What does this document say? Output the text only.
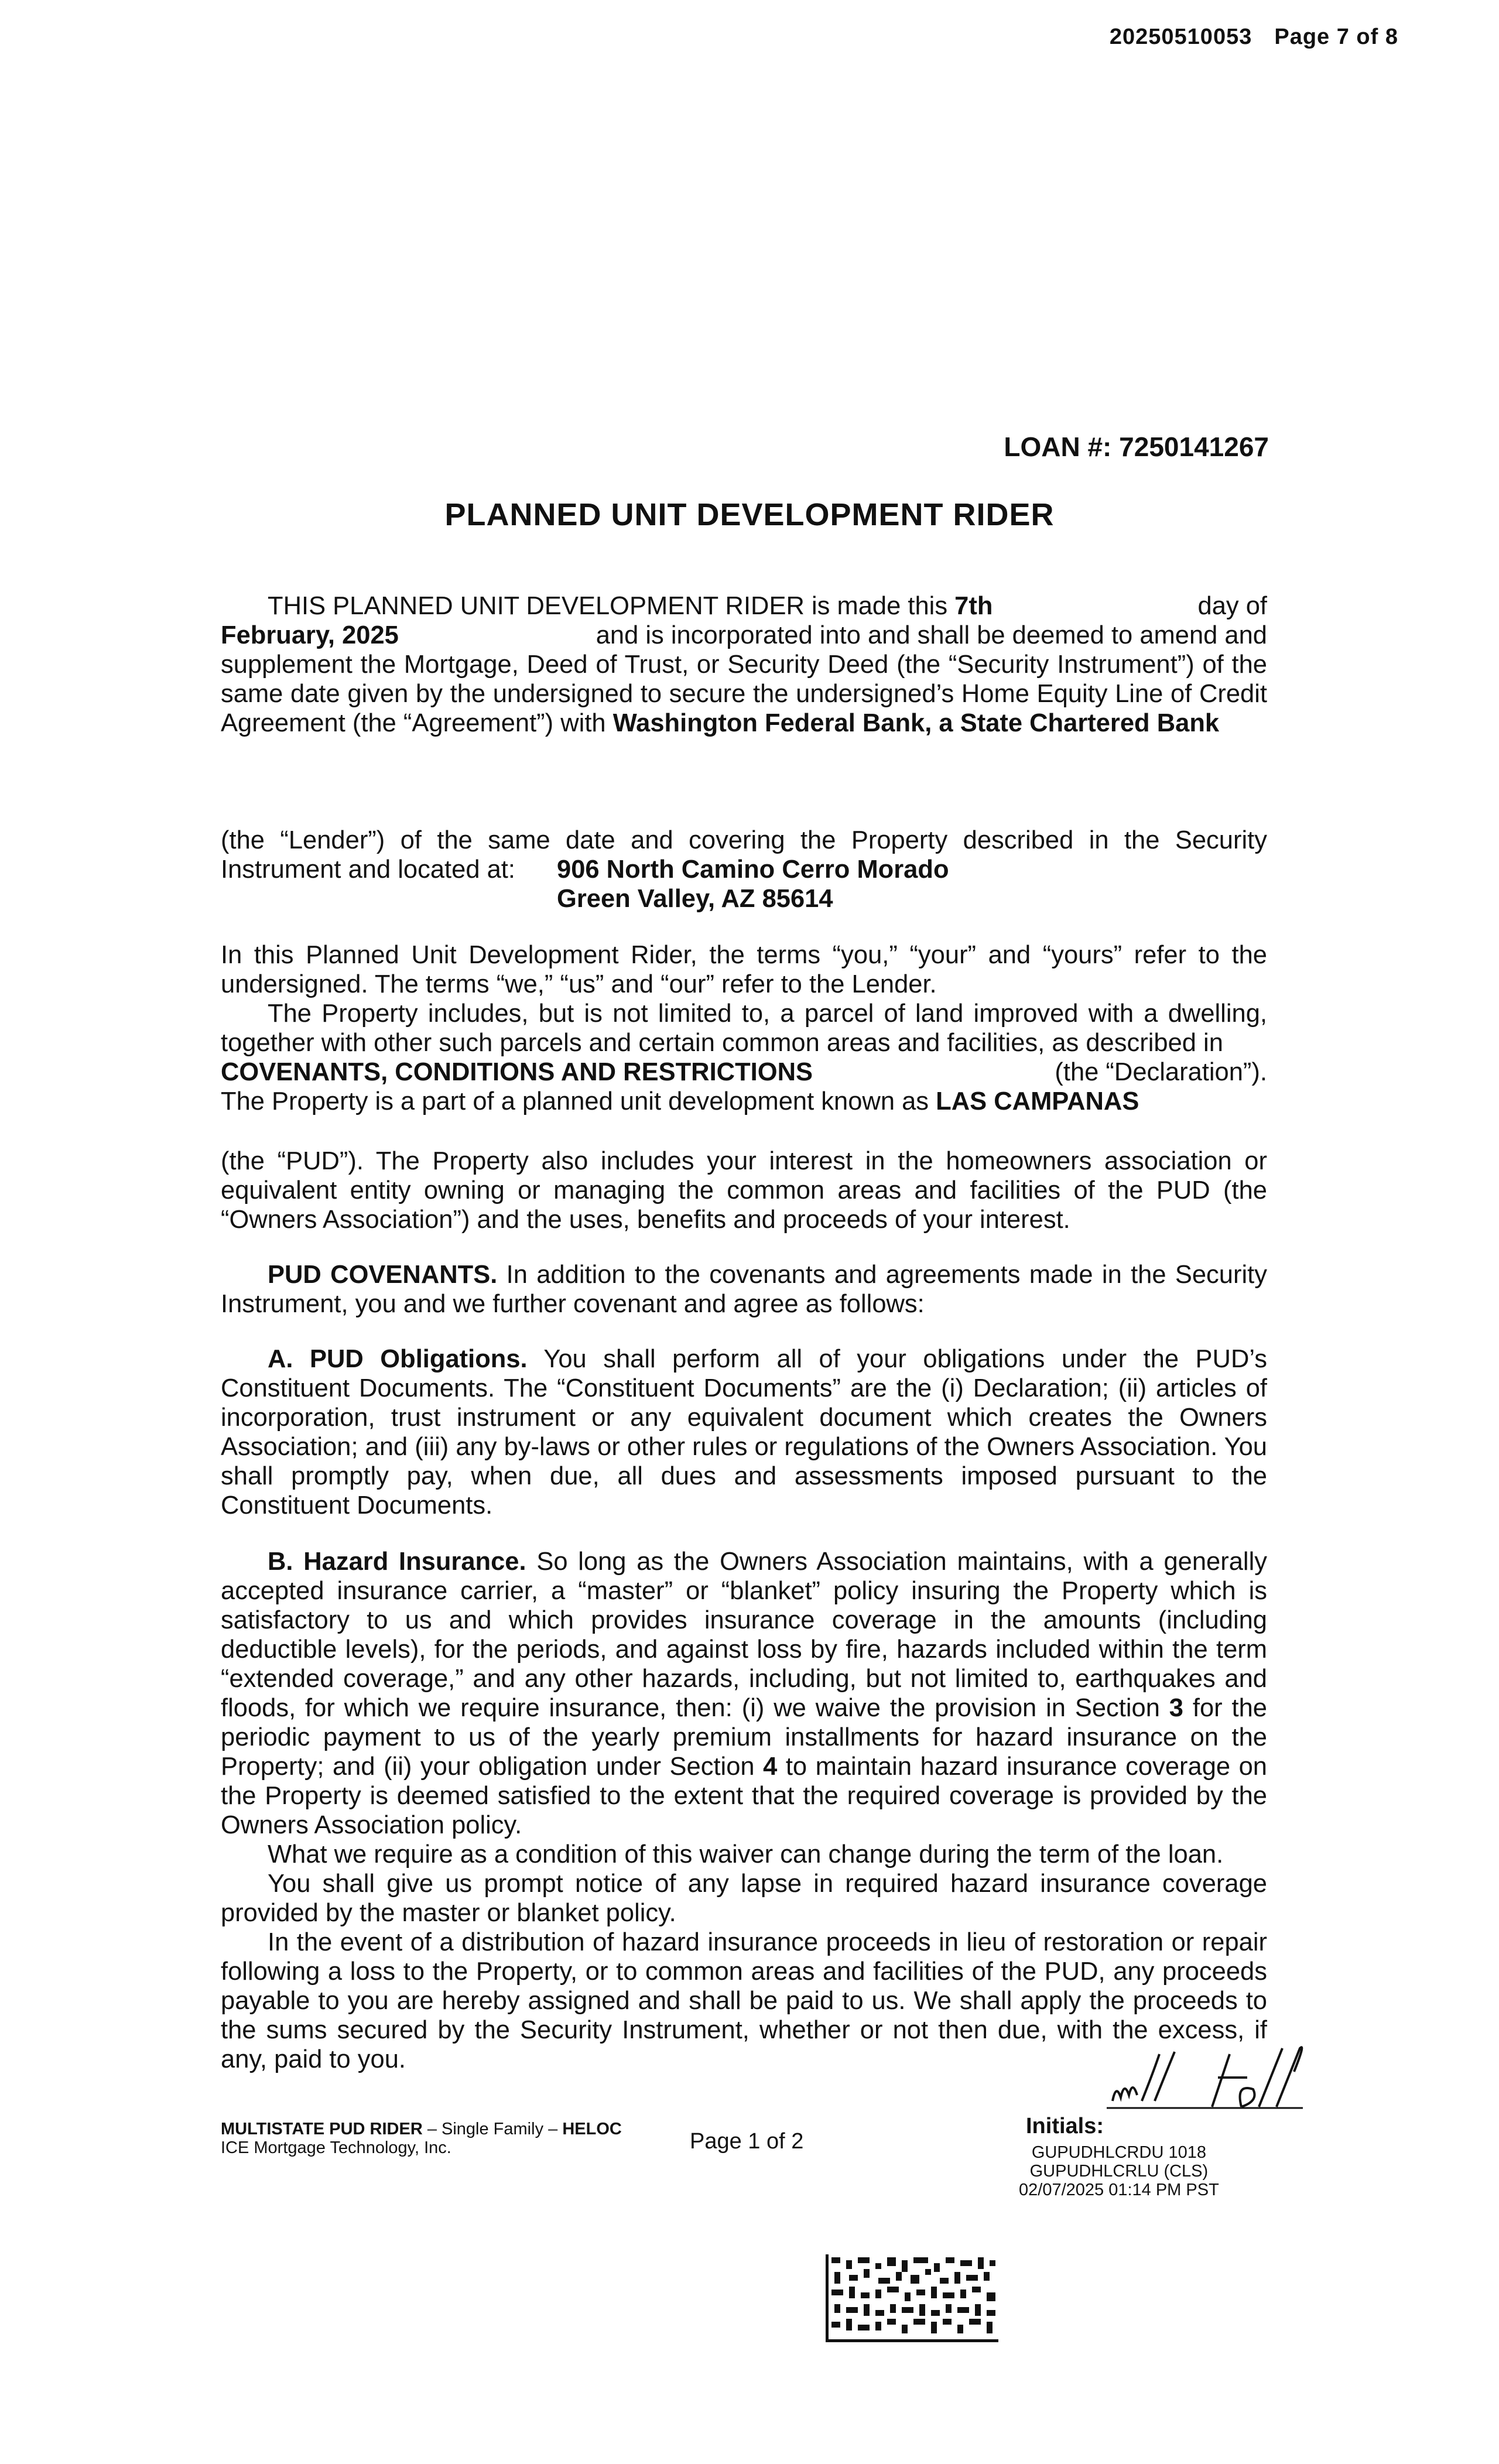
20250510053 Page 7 of 8
LOAN #: 7250141267
PLANNED UNIT DEVELOPMENT RIDER
THIS PLANNED UNIT DEVELOPMENT RIDER is made this 7th	day of
February, 2025	and is incorporated into and shall be deemed to amend and

supplement the Mortgage, Deed of Trust, or Security Deed (the “Security Instrument”) of the same date given by the undersigned to secure the undersigned’s Home Equity Line of Credit Agreement (the “Agreement”) with Washington Federal Bank, a State Chartered Bank

(the “Lender”) of the same date and covering the Property described in the Security Instrument and located at:	906 North Camino Cerro Morado
Green Valley, AZ 85614

In this Planned Unit Development Rider, the terms “you,” “your” and “yours” refer to the undersigned. The terms “we,” “us” and “our” refer to the Lender.

The Property includes, but is not limited to, a parcel of land improved with a dwelling, together with other such parcels and certain common areas and facilities, as described in

COVENANTS, CONDITIONS AND RESTRICTIONS	(the “Declaration”).

The Property is a part of a planned unit development known as LAS CAMPANAS

(the “PUD”). The Property also includes your interest in the homeowners association or equivalent entity owning or managing the common areas and facilities of the PUD (the “Owners Association”) and the uses, benefits and proceeds of your interest.

PUD COVENANTS. In addition to the covenants and agreements made in the Security Instrument, you and we further covenant and agree as follows:

A. PUD Obligations. You shall perform all of your obligations under the PUD’s Constituent Documents. The “Constituent Documents” are the (i) Declaration; (ii) articles of incorporation, trust instrument or any equivalent document which creates the Owners Association; and (iii) any by-laws or other rules or regulations of the Owners Association. You shall promptly pay, when due, all dues and assessments imposed pursuant to the Constituent Documents.

B. Hazard Insurance. So long as the Owners Association maintains, with a generally accepted insurance carrier, a “master” or “blanket” policy insuring the Property which is satisfactory to us and which provides insurance coverage in the amounts (including deductible levels), for the periods, and against loss by fire, hazards included within the term “extended coverage,” and any other hazards, including, but not limited to, earthquakes and floods, for which we require insurance, then: (i) we waive the provision in Section 3 for the periodic payment to us of the yearly premium installments for hazard insurance on the Property; and (ii) your obligation under Section 4 to maintain hazard insurance coverage on the Property is deemed satisfied to the extent that the required coverage is provided by the Owners Association policy.

What we require as a condition of this waiver can change during the term of the loan.

You shall give us prompt notice of any lapse in required hazard insurance coverage provided by the master or blanket policy.

In the event of a distribution of hazard insurance proceeds in lieu of restoration or repair following a loss to the Property, or to common areas and facilities of the PUD, any proceeds payable to you are hereby assigned and shall be paid to us. We shall apply the proceeds to the sums secured by the Security Instrument, whether or not then due, with the excess, if any, paid to you.

MULTISTATE PUD RIDER – Single Family – HELOC
ICE Mortgage Technology, Inc.	Page 1 of 2
Initials:
GUPUDHLCRDU 1018
GUPUDHLCRLU (CLS)
02/07/2025 01:14 PM PST
